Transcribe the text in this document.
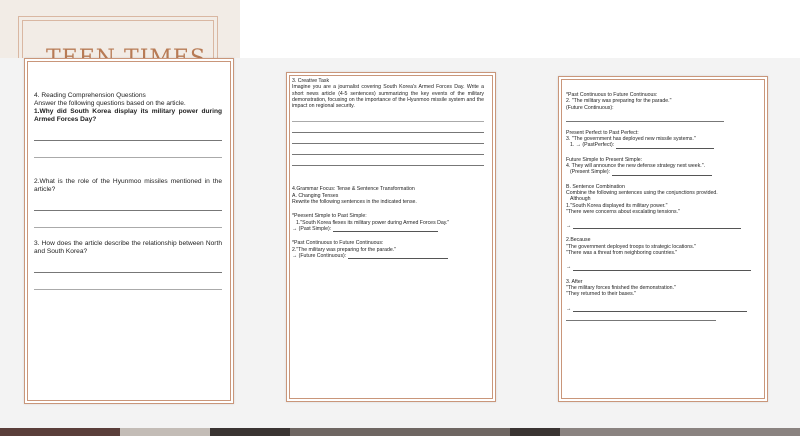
4. Reading Comprehension Questions
Answer the following questions based on the article.
1.Why did South Korea display its military power during Armed Forces Day?
2.What is the role of the Hyunmoo missiles mentioned in the article?
3. How does the article describe the relationship between North and South Korea?
3. Creative Task
Imagine you are a journalist covering South Korea's Armed Forces Day. Write a short news article (4-5 sentences) summarizing the key events of the military demonstration, focusing on the importance of the Hyunmoo missile system and the impact on regional security.
4.Grammar Focus: Tense & Sentence Transformation
A. Changing Tenses
Rewrite the following sentences in the indicated tense.
*Peesent Simple to Past Simple:
1."South Korea flexes its military power during Armed Forces Day."
→ (Past Simple):
*Past Continuous to Future Continuous:
2."The military was preparing for the parade."
→ (Future Continuous):
*Past Continuous to Future Continuous:
2. "The military was preparing for the parade."
(Future Continuous):
Present Perfect to Past Perfect:
3. "The government has deployed new missile systems."
1. → (PastPerfect):
Future Simple to Present Simple:
4. They will announce the new defense strategy next week.".
(Present Simple):
B. Sentence Combination
Combine the following sentences using the conjunctions provided.
Although
1."South Korea displayed its military power."
"There were concerns about escalating tensions."
→
2.Because
"The government deployed troops to strategic locations."
"There was a threat from neighboring countries."
→
3. After
"The military forces finished the demonstration."
"They returned to their bases."
→
